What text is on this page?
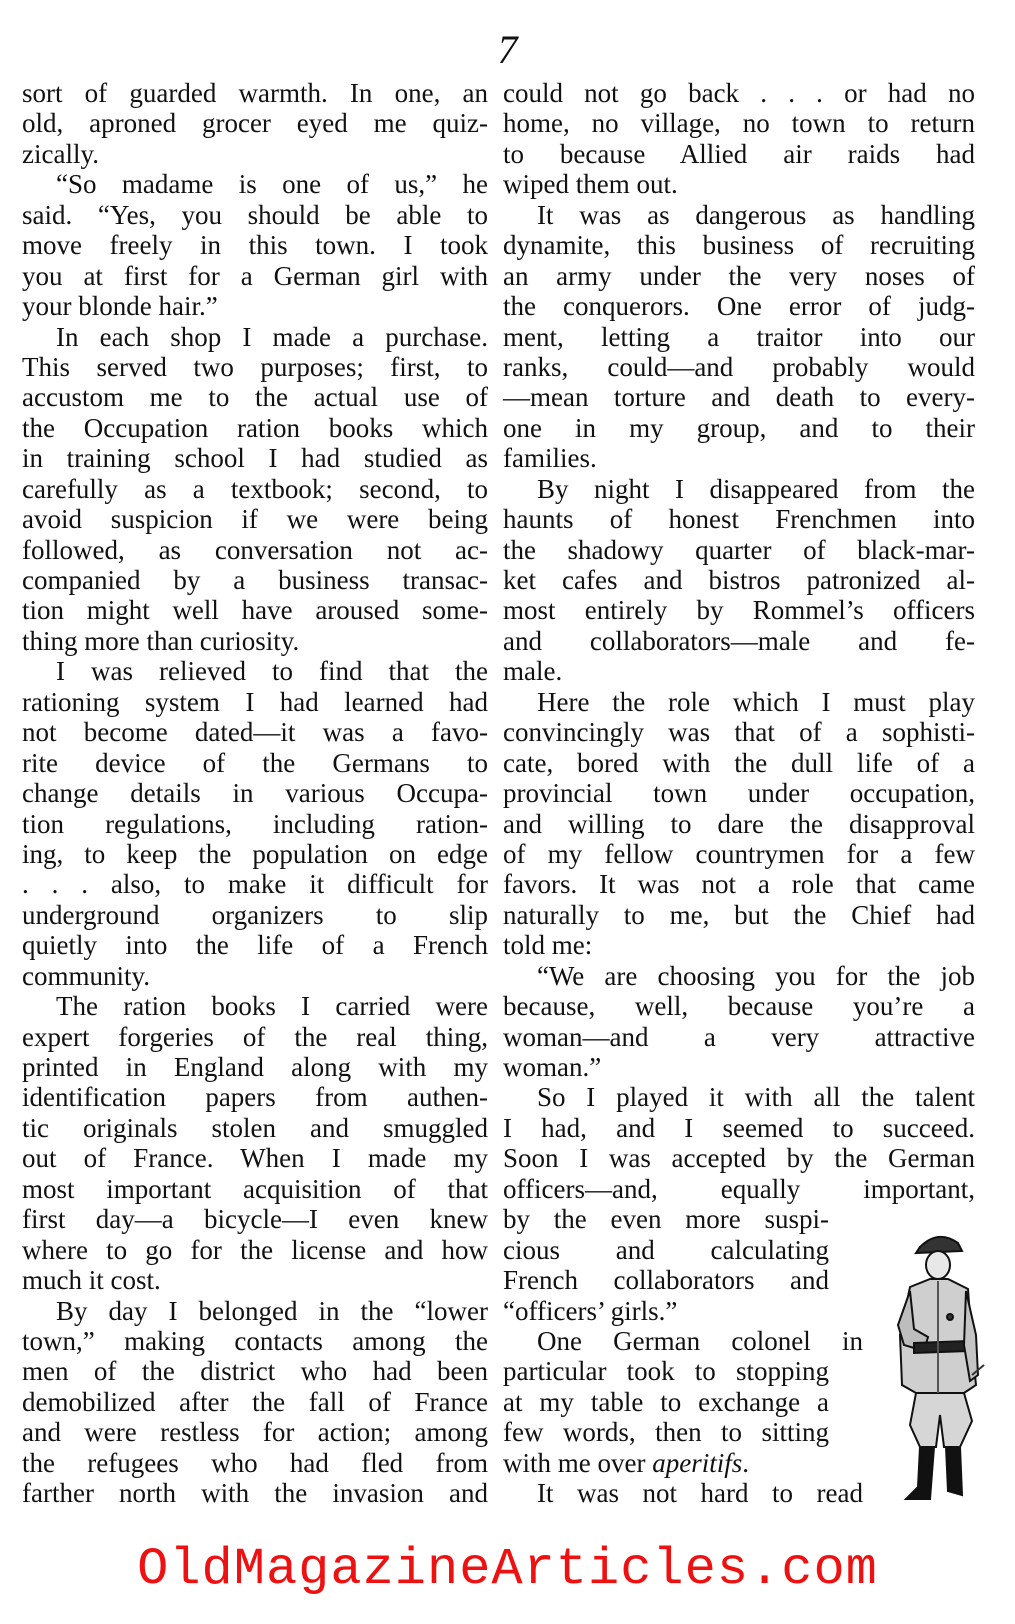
7
sort of guarded warmth. In one, an
old, aproned grocer eyed me quiz-
zically.
“So madame is one of us,” he
said. “Yes, you should be able to
move freely in this town. I took
you at first for a German girl with
your blonde hair.”
In each shop I made a purchase.
This served two purposes; first, to
accustom me to the actual use of
the Occupation ration books which
in training school I had studied as
carefully as a textbook; second, to
avoid suspicion if we were being
followed, as conversation not ac-
companied by a business transac-
tion might well have aroused some-
thing more than curiosity.
I was relieved to find that the
rationing system I had learned had
not become dated—it was a favo-
rite device of the Germans to
change details in various Occupa-
tion regulations, including ration-
ing, to keep the population on edge
. . . also, to make it difficult for
underground organizers to slip
quietly into the life of a French
community.
The ration books I carried were
expert forgeries of the real thing,
printed in England along with my
identification papers from authen-
tic originals stolen and smuggled
out of France. When I made my
most important acquisition of that
first day—a bicycle—I even knew
where to go for the license and how
much it cost.
By day I belonged in the “lower
town,” making contacts among the
men of the district who had been
demobilized after the fall of France
and were restless for action; among
the refugees who had fled from
farther north with the invasion and
could not go back . . . or had no
home, no village, no town to return
to because Allied air raids had
wiped them out.
It was as dangerous as handling
dynamite, this business of recruiting
an army under the very noses of
the conquerors. One error of judg-
ment, letting a traitor into our
ranks, could—and probably would
—mean torture and death to every-
one in my group, and to their
families.
By night I disappeared from the
haunts of honest Frenchmen into
the shadowy quarter of black-mar-
ket cafes and bistros patronized al-
most entirely by Rommel’s officers
and collaborators—male and fe-
male.
Here the role which I must play
convincingly was that of a sophisti-
cate, bored with the dull life of a
provincial town under occupation,
and willing to dare the disapproval
of my fellow countrymen for a few
favors. It was not a role that came
naturally to me, but the Chief had
told me:
“We are choosing you for the job
because, well, because you’re a
woman—and a very attractive
woman.”
So I played it with all the talent
I had, and I seemed to succeed.
Soon I was accepted by the German
officers—and, equally important,
by the even more suspi-
cious and calculating
French collaborators and
“officers’ girls.”
One German colonel in
particular took to stopping
at my table to exchange a
few words, then to sitting
with me over aperitifs.
It was not hard to read
OldMagazineArticles.com
